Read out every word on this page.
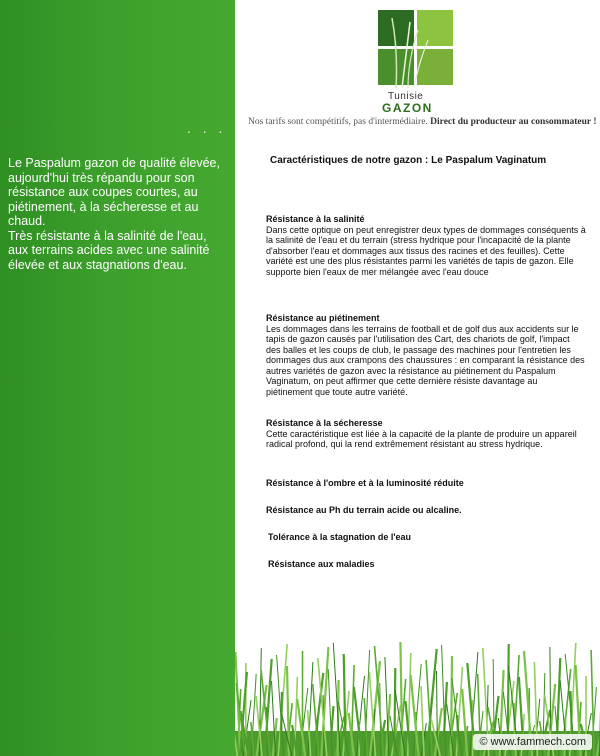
. . .

Le Paspalum gazon de qualité élevée, aujourd'hui très répandu pour son résistance aux coupes courtes, au piétinement, à la sécheresse et au chaud.

Très résistante à la salinité de l'eau, aux terrains acides avec une salinité élevée et aux stagnations d'eau.

Tunisie
GAZON
Nos tarifs sont compétitifs, pas d'intermédiaire. Direct du producteur au consommateur !
Caractéristiques de notre gazon : Le Paspalum Vaginatum
Résistance à la salinité

Dans cette optique on peut enregistrer deux types de dommages conséquents à la salinité de l'eau et du terrain (stress hydrique pour l'incapacité de la plante d'absorber l'eau et dommages aux tissus des racines et des feuilles). Cette variété est une des plus résistantes parmi les variétés de tapis de gazon. Elle supporte bien l'eaux de mer mélangée avec l'eau douce

Résistance au piétinement

Les dommages dans les terrains de football et de golf dus aux accidents sur le tapis de gazon causés par l'utilisation des Cart, des chariots de golf, l'impact des balles et les coups de club, le passage des machines pour l'entretien les dommages dus aux crampons des chaussures : en comparant la résistance des autres variétés de gazon avec la résistance au piétinement du Paspalum Vaginatum, on peut affirmer que cette dernière résiste davantage au piétinement que toute autre variété.

Résistance à la sécheresse

Cette caractéristique est liée à la capacité de la plante de produire un appareil radical profond, qui la rend extrêmement résistant au stress hydrique.

Résistance à l'ombre et à la luminosité réduite
Résistance au Ph du terrain acide ou alcaline.
Tolérance à la stagnation de l'eau
Résistance aux maladies
© www.fammech.com
